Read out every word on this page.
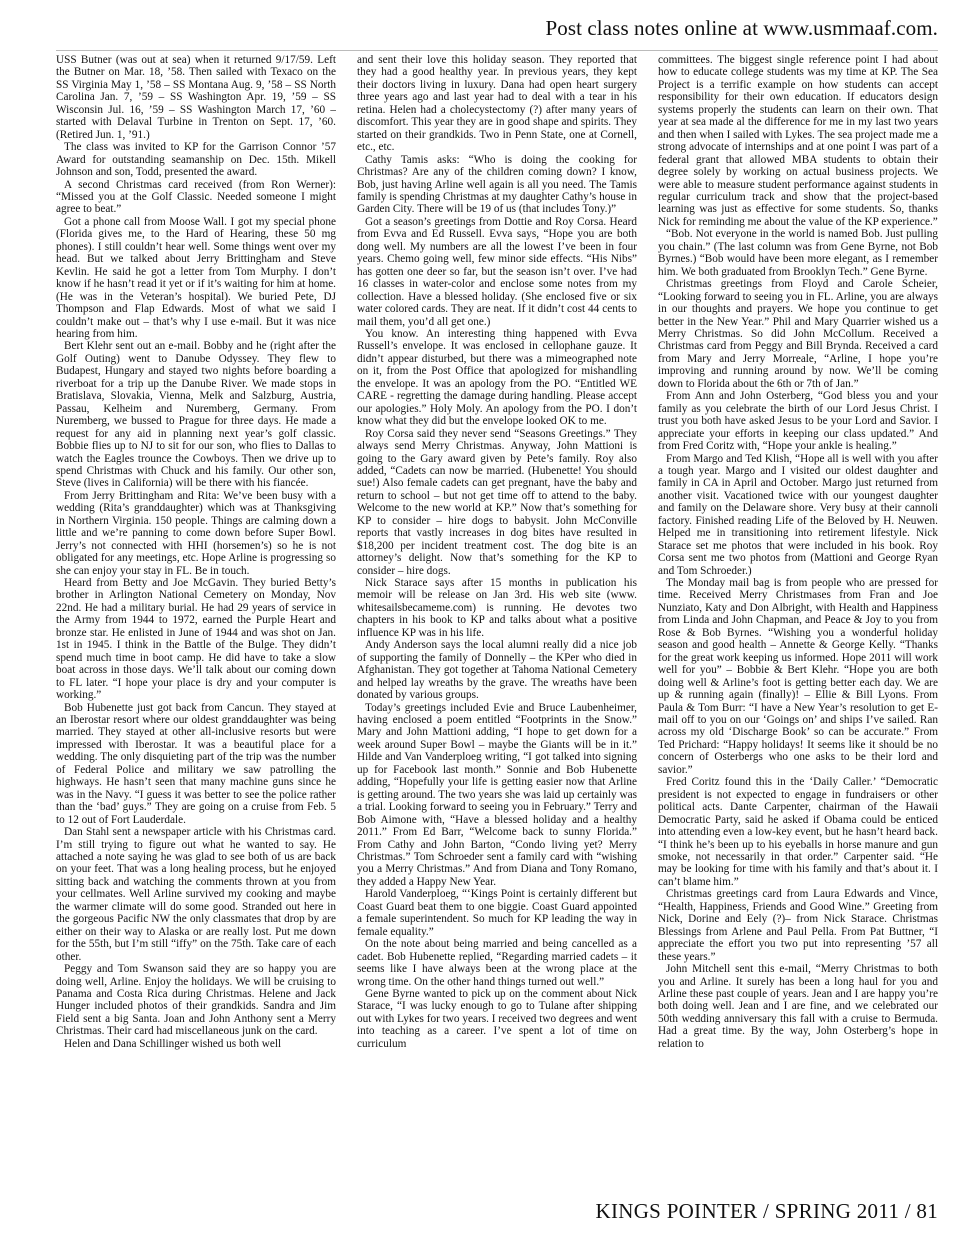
Post class notes online at www.usmmaaf.com.

USS Butner (was out at sea) when it returned 9/17/59. Left the Butner on Mar. 18, ’58. Then sailed with Texaco on the SS Virginia May 1, ’58 – SS Montana Aug. 9, ’58 – SS North Carolina Jan. 7, ’59 – SS Washington Apr. 19, ’59 – SS Wisconsin Jul. 16, ’59 – SS Washington March 17, ’60 – started with Delaval Turbine in Trenton on Sept. 17, ’60. (Retired Jun. 1, ’91.)

The class was invited to KP for the Garrison Connor ’57 Award for outstanding seamanship on Dec. 15th. Mikell Johnson and son, Todd, presented the award.

A second Christmas card received (from Ron Werner): “Missed you at the Golf Classic. Needed someone I might agree to beat.”

Got a phone call from Moose Wall. I got my special phone (Florida gives me, to the Hard of Hearing, these 50 mg phones). I still couldn’t hear well. Some things went over my head. But we talked about Jerry Brittingham and Steve Kevlin. He said he got a letter from Tom Murphy. I don’t know if he hasn’t read it yet or if it’s waiting for him at home. (He was in the Veteran’s hospital). We buried Pete, DJ Thompson and Flap Edwards. Most of what we said I couldn’t make out – that’s why I use e-mail. But it was nice hearing from him.

Bert Klehr sent out an e-mail. Bobby and he (right after the Golf Outing) went to Danube Odyssey. They flew to Budapest, Hungary and stayed two nights before boarding a riverboat for a trip up the Danube River. We made stops in Bratislava, Slovakia, Vienna, Melk and Salzburg, Austria, Passau, Kelheim and Nuremberg, Germany. From Nuremberg, we bussed to Prague for three days. He made a request for any aid in planning next year’s golf classic. Bobbie flies up to NJ to sit for our son, who flies to Dallas to watch the Eagles trounce the Cowboys. Then we drive up to spend Christmas with Chuck and his family. Our other son, Steve (lives in California) will be there with his fiancée.

From Jerry Brittingham and Rita: We’ve been busy with a wedding (Rita’s granddaughter) which was at Thanksgiving in Northern Virginia. 150 people. Things are calming down a little and we’re panning to come down before Super Bowl. Jerry’s not connected with HHI (horsemen’s) so he is not obligated for any meetings, etc. Hope Arline is progressing so she can enjoy your stay in FL. Be in touch.

Heard from Betty and Joe McGavin. They buried Betty’s brother in Arlington National Cemetery on Monday, Nov 22nd. He had a military burial. He had 29 years of service in the Army from 1944 to 1972, earned the Purple Heart and bronze star. He enlisted in June of 1944 and was shot on Jan. 1st in 1945. I think in the Battle of the Bulge. They didn’t spend much time in boot camp. He did have to take a slow boat across in those days. We’ll talk about our coming down to FL later. “I hope your place is dry and your computer is working.”

Bob Hubenette just got back from Cancun. They stayed at an Iberostar resort where our oldest granddaughter was being married. They stayed at other all-inclusive resorts but were impressed with Iberostar. It was a beautiful place for a wedding. The only disquieting part of the trip was the number of Federal Police and military we saw patrolling the highways. He hasn’t seen that many machine guns since he was in the Navy. “I guess it was better to see the police rather than the ‘bad’ guys.” They are going on a cruise from Feb. 5 to 12 out of Fort Lauderdale.

Dan Stahl sent a newspaper article with his Christmas card. I’m still trying to figure out what he wanted to say. He attached a note saying he was glad to see both of us are back on your feet. That was a long healing process, but he enjoyed sitting back and watching the comments thrown at you from your cellmates. Well Arline survived my cooking and maybe the warmer climate will do some good. Stranded out here in the gorgeous Pacific NW the only classmates that drop by are either on their way to Alaska or are really lost. Put me down for the 55th, but I’m still “iffy” on the 75th. Take care of each other.

Peggy and Tom Swanson said they are so happy you are doing well, Arline. Enjoy the holidays. We will be cruising to Panama and Costa Rica during Christmas. Helene and Jack Hunger included photos of their grandkids. Sandra and Jim Field sent a big Santa. Joan and John Anthony sent a Merry Christmas. Their card had miscellaneous junk on the card.

Helen and Dana Schillinger wished us both well

and sent their love this holiday season. They reported that they had a good healthy year. In previous years, they kept their doctors living in luxury. Dana had open heart surgery three years ago and last year had to deal with a tear in his retina. Helen had a cholecystectomy (?) after many years of discomfort. This year they are in good shape and spirits. They started on their grandkids. Two in Penn State, one at Cornell, etc., etc.

Cathy Tamis asks: “Who is doing the cooking for Christmas? Are any of the children coming down? I know, Bob, just having Arline well again is all you need. The Tamis family is spending Christmas at my daughter Cathy’s house in Garden City. There will be 19 of us (that includes Tony.)”

Got a season’s greetings from Dottie and Roy Corsa. Heard from Evva and Ed Russell. Evva says, “Hope you are both dong well. My numbers are all the lowest I’ve been in four years. Chemo going well, few minor side effects. “His Nibs” has gotten one deer so far, but the season isn’t over. I’ve had 16 classes in water-color and enclose some notes from my collection. Have a blessed holiday. (She enclosed five or six water colored cards. They are neat. If it didn’t cost 44 cents to mail them, you’d all get one.)

You know. An interesting thing happened with Evva Russell’s envelope. It was enclosed in cellophane gauze. It didn’t appear disturbed, but there was a mimeographed note on it, from the Post Office that apologized for mishandling the envelope. It was an apology from the PO. “Entitled WE CARE - regretting the damage during handling. Please accept our apologies.” Holy Moly. An apology from the PO. I don’t know what they did but the envelope looked OK to me.

Roy Corsa said they never send “Seasons Greetings.” They always send Merry Christmas. Anyway, John Mattioni is going to the Gary award given by Pete’s family. Roy also added, “Cadets can now be married. (Hubenette! You should sue!) Also female cadets can get pregnant, have the baby and return to school – but not get time off to attend to the baby. Welcome to the new world at KP.” Now that’s something for KP to consider – hire dogs to babysit. John McConville reports that vastly increases in dog bites have resulted in $18,200 per incident treatment cost. The dog bite is an attorney’s delight. Now that’s something for the KP to consider – hire dogs.

Nick Starace says after 15 months in publication his memoir will be release on Jan 3rd. His web site (www. whitesailsbecameme.com) is running. He devotes two chapters in his book to KP and talks about what a positive influence KP was in his life.

Andy Anderson says the local alumni really did a nice job of supporting the family of Donnelly – the KPer who died in Afghanistan. They got together at Tahoma National Cemetery and helped lay wreaths by the grave. The wreaths have been donated by various groups.

Today’s greetings included Evie and Bruce Laubenheimer, having enclosed a poem entitled “Footprints in the Snow.” Mary and John Mattioni adding, “I hope to get down for a week around Super Bowl – maybe the Giants will be in it.” Hilde and Van Vanderploeg writing, “I got talked into signing up for Facebook last month.” Sonnie and Bob Hubenette adding, “Hopefully your life is getting easier now that Arline is getting around. The two years she was laid up certainly was a trial. Looking forward to seeing you in February.” Terry and Bob Aimone with, “Have a blessed holiday and a healthy 2011.” From Ed Barr, “Welcome back to sunny Florida.” From Cathy and John Barton, “Condo living yet? Merry Christmas.” Tom Schroeder sent a family card with “wishing you a Merry Christmas.” And from Diana and Tony Romano, they added a Happy New Year.

Harold Vanderploeg, “‘Kings Point is certainly different but Coast Guard beat them to one biggie. Coast Guard appointed a female superintendent. So much for KP leading the way in female equality.”

On the note about being married and being cancelled as a cadet. Bob Hubenette replied, “Regarding married cadets – it seems like I have always been at the wrong place at the wrong time. On the other hand things turned out well.”

Gene Byrne wanted to pick up on the comment about Nick Starace, “I was lucky enough to go to Tulane after shipping out with Lykes for two years. I received two degrees and went into teaching as a career. I’ve spent a lot of time on curriculum

committees. The biggest single reference point I had about how to educate college students was my time at KP. The Sea Project is a terrific example on how students can accept responsibility for their own education. If educators design systems properly the students can learn on their own. That year at sea made al the difference for me in my last two years and then when I sailed with Lykes. The sea project made me a strong advocate of internships and at one point I was part of a federal grant that allowed MBA students to obtain their degree solely by working on actual business projects. We were able to measure student performance against students in regular curriculum track and show that the project-based learning was just as effective for some students. So, thanks Nick for reminding me about the value of the KP experience.”

“Bob. Not everyone in the world is named Bob. Just pulling you chain.” (The last column was from Gene Byrne, not Bob Byrnes.) “Bob would have been more elegant, as I remember him. We both graduated from Brooklyn Tech.” Gene Byrne.

Christmas greetings from Floyd and Carole Scheier, “Looking forward to seeing you in FL. Arline, you are always in our thoughts and prayers. We hope you continue to get better in the New Year.” Phil and Mary Quarrier wished us a Merry Christmas. So did John McCollum. Received a Christmas card from Peggy and Bill Brynda. Received a card from Mary and Jerry Morreale, “Arline, I hope you’re improving and running around by now. We’ll be coming down to Florida about the 6th or 7th of Jan.”

From Ann and John Osterberg, “God bless you and your family as you celebrate the birth of our Lord Jesus Christ. I trust you both have asked Jesus to be your Lord and Savior. I appreciate your efforts in keeping our class updated.” And from Fred Coritz with, “Hope your ankle is healing.”

From Margo and Ted Klish, “Hope all is well with you after a tough year. Margo and I visited our oldest daughter and family in CA in April and October. Margo just returned from another visit. Vacationed twice with our youngest daughter and family on the Delaware shore. Very busy at their cannoli factory. Finished reading Life of the Beloved by H. Neuwen. Helped me in transitioning into retirement lifestyle. Nick Starace set me photos that were included in his book. Roy Corsa sent me two photos from (Mattioni and George Ryan and Tom Schroeder.)

The Monday mail bag is from people who are pressed for time. Received Merry Christmases from Fran and Joe Nunziato, Katy and Don Albright, with Health and Happiness from Linda and John Chapman, and Peace & Joy to you from Rose & Bob Byrnes. “Wishing you a wonderful holiday season and good health – Annette & George Kelly. “Thanks for the great work keeping us informed. Hope 2011 will work well for you” – Bobbie & Bert Klehr. “Hope you are both doing well & Arline’s foot is getting better each day. We are up & running again (finally)! – Ellie & Bill Lyons. From Paula & Tom Burr: “I have a New Year’s resolution to get E-mail off to you on our ‘Goings on’ and ships I’ve sailed. Ran across my old ‘Discharge Book’ so can be accurate.” From Ted Prichard: “Happy holidays! It seems like it should be no concern of Osterbergs who one asks to be their lord and savior.”

Fred Coritz found this in the ‘Daily Caller.’ “Democratic president is not expected to engage in fundraisers or other political acts. Dante Carpenter, chairman of the Hawaii Democratic Party, said he asked if Obama could be enticed into attending even a low-key event, but he hasn’t heard back. “I think he’s been up to his eyeballs in horse manure and gun smoke, not necessarily in that order.” Carpenter said. “He may be looking for time with his family and that’s about it. I can’t blame him.”

Christmas greetings card from Laura Edwards and Vince, “Health, Happiness, Friends and Good Wine.” Greeting from Nick, Dorine and Eely (?)– from Nick Starace. Christmas Blessings from Arlene and Paul Pella. From Pat Buttner, “I appreciate the effort you two put into representing ’57 all these years.”

John Mitchell sent this e-mail, “Merry Christmas to both you and Arline. It surely has been a long haul for you and Arline these past couple of years. Jean and I are happy you’re both doing well. Jean and I are fine, and we celebrated our 50th wedding anniversary this fall with a cruise to Bermuda. Had a great time. By the way, John Osterberg’s hope in relation to

KINGS POINTER / SPRING 2011 / 81
